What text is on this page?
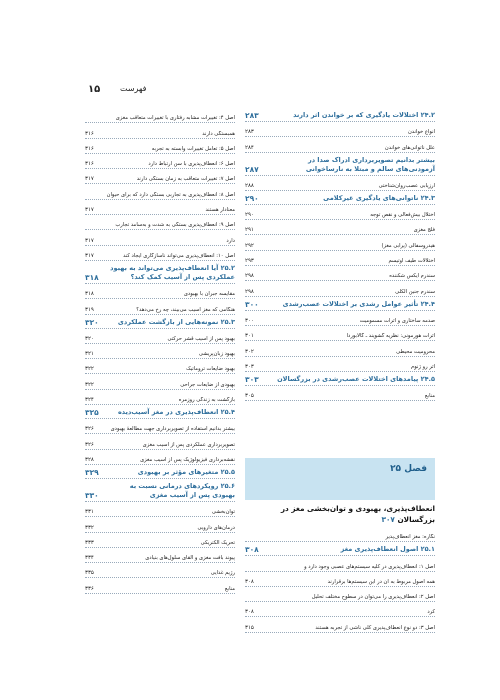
۱۵ فهرست
۲۴.۲ اختلالات یادگیری که بر خواندن اثر دارند
۲۸۳
انواع خواندن
۲۸۳
علل ناتوانی‌های خواندن
۲۸۴
بیشتر بدانیم تصویربرداری ادراک صدا در آزمودنی‌های سالم و مبتلا به نارساخوانی
۲۸۷
ارزیابی عصب‌روان‌شناختی
۲۸۸
۲۴.۳ ناتوانی‌های یادگیری غیرکلامی
۲۹۰
اختلال بیش‌فعالی و نقص توجه
۲۹۰
فلج مغزی
۲۹۱
هیدروسفالی (پرآبی مغز)
۲۹۲
اختلالات طیف اوتیسم
۲۹۳
سندرم ایکس شکننده
۲۹۸
سندرم جنین الکلی
۲۹۸
۲۴.۴ تأثیر عوامل رشدی بر اختلالات عصب‌رشدی
۳۰۰
صدمه ساختاری و اثرات مسمومیت
۳۰۰
اثرات هورمونی: نظریه گشویند ـ گالابوردا
۳۰۱
محرومیت محیطی
۳۰۲
اثر رو ژنوم
۳۰۳
۲۴.۵ پیامدهای اختلالات عصب‌رشدی در بزرگسالان
۳۰۳
منابع
۳۰۵
فصل ۲۵
انعطاف‌پذیری، بهبودی و توان‌بخشی مغز در بزرگسالان ۳۰۷
نگاره: مغز انعطاف‌پذیر
۲۵.۱ اصول انعطاف‌پذیری مغز
۳۰۸
اصل ۱: انعطاف‌پذیری در کلیه سیستم‌های عصبی وجود دارد و
همه اصول مربوط به آن در این سیستم‌ها برقرارند
۳۰۸
اصل ۲: انعطاف‌پذیری را می‌توان در سطوح مختلف تحلیل
کرد
۳۰۸
اصل ۳: دو نوع انعطاف‌پذیری کلی ناشی از تجربه هستند
۳۱۵
اصل ۴: تغییرات مشابه رفتاری با تغییرات متعاقب مغزی
همبستگی دارند
۳۱۶
اصل ۵: تعامل تغییرات وابسته به تجربه
۳۱۶
اصل ۶: انعطاف‌پذیری با سن ارتباط دارد
۳۱۶
اصل ۷: تغییرات متعاقب به زمان بستگی دارند
۳۱۷
اصل ۸: انعطاف‌پذیری به تجاربی بستگی دارد که برای حیوان
معنادار هستند
۳۱۷
اصل ۹: انعطاف‌پذیری بستگی به شدت و به‌سامد تجارب
دارد
۳۱۷
اصل ۱۰: انعطاف‌پذیری می‌تواند ناسازگاری ایجاد کند
۳۱۷
۲۵.۲ آیا انعطاف‌پذیری می‌تواند به بهبود عملکردی پس از آسیب کمک کند؟
۳۱۸
مقایسه جبران با بهبودی
۳۱۸
هنگامی که مغز آسیب می‌بیند، چه رخ می‌دهد؟
۳۱۹
۲۵.۳ نمونه‌هایی از بازگشت عملکردی
۳۲۰
بهبود پس از آسیب قشر حرکتی
۳۲۰
بهبود زبان‌پریشی
۳۲۱
بهبود ضایعات تروماتیک
۳۲۲
بهبودی از ضایعات جراحی
۳۲۲
بازگشت به زندگی روزمره
۳۲۴
۲۵.۴ انعطاف‌پذیری در مغز آسیب‌دیده
۳۲۵
بیشتر بدانیم استفاده از تصویربرداری جهت مطالعهٔ بهبودی
۳۲۶
تصویربرداری عملکردی پس از آسیب مغزی
۳۲۶
نقشه‌برداری فیزیولوژیک پس از آسیب مغزی
۳۲۸
۲۵.۵ متغیرهای مؤثر بر بهبودی
۳۲۹
۲۵.۶ رویکردهای درمانی نسبت به بهبودی پس از آسیب مغزی
۳۳۰
توان‌بخشی
۳۳۱
درمان‌های دارویی
۳۳۲
تحریک الکتریکی
۳۳۳
پیوند بافت مغزی و القای سلول‌های بنیادی
۳۳۴
رژیم غذایی
۳۳۵
منابع
۳۳۶
